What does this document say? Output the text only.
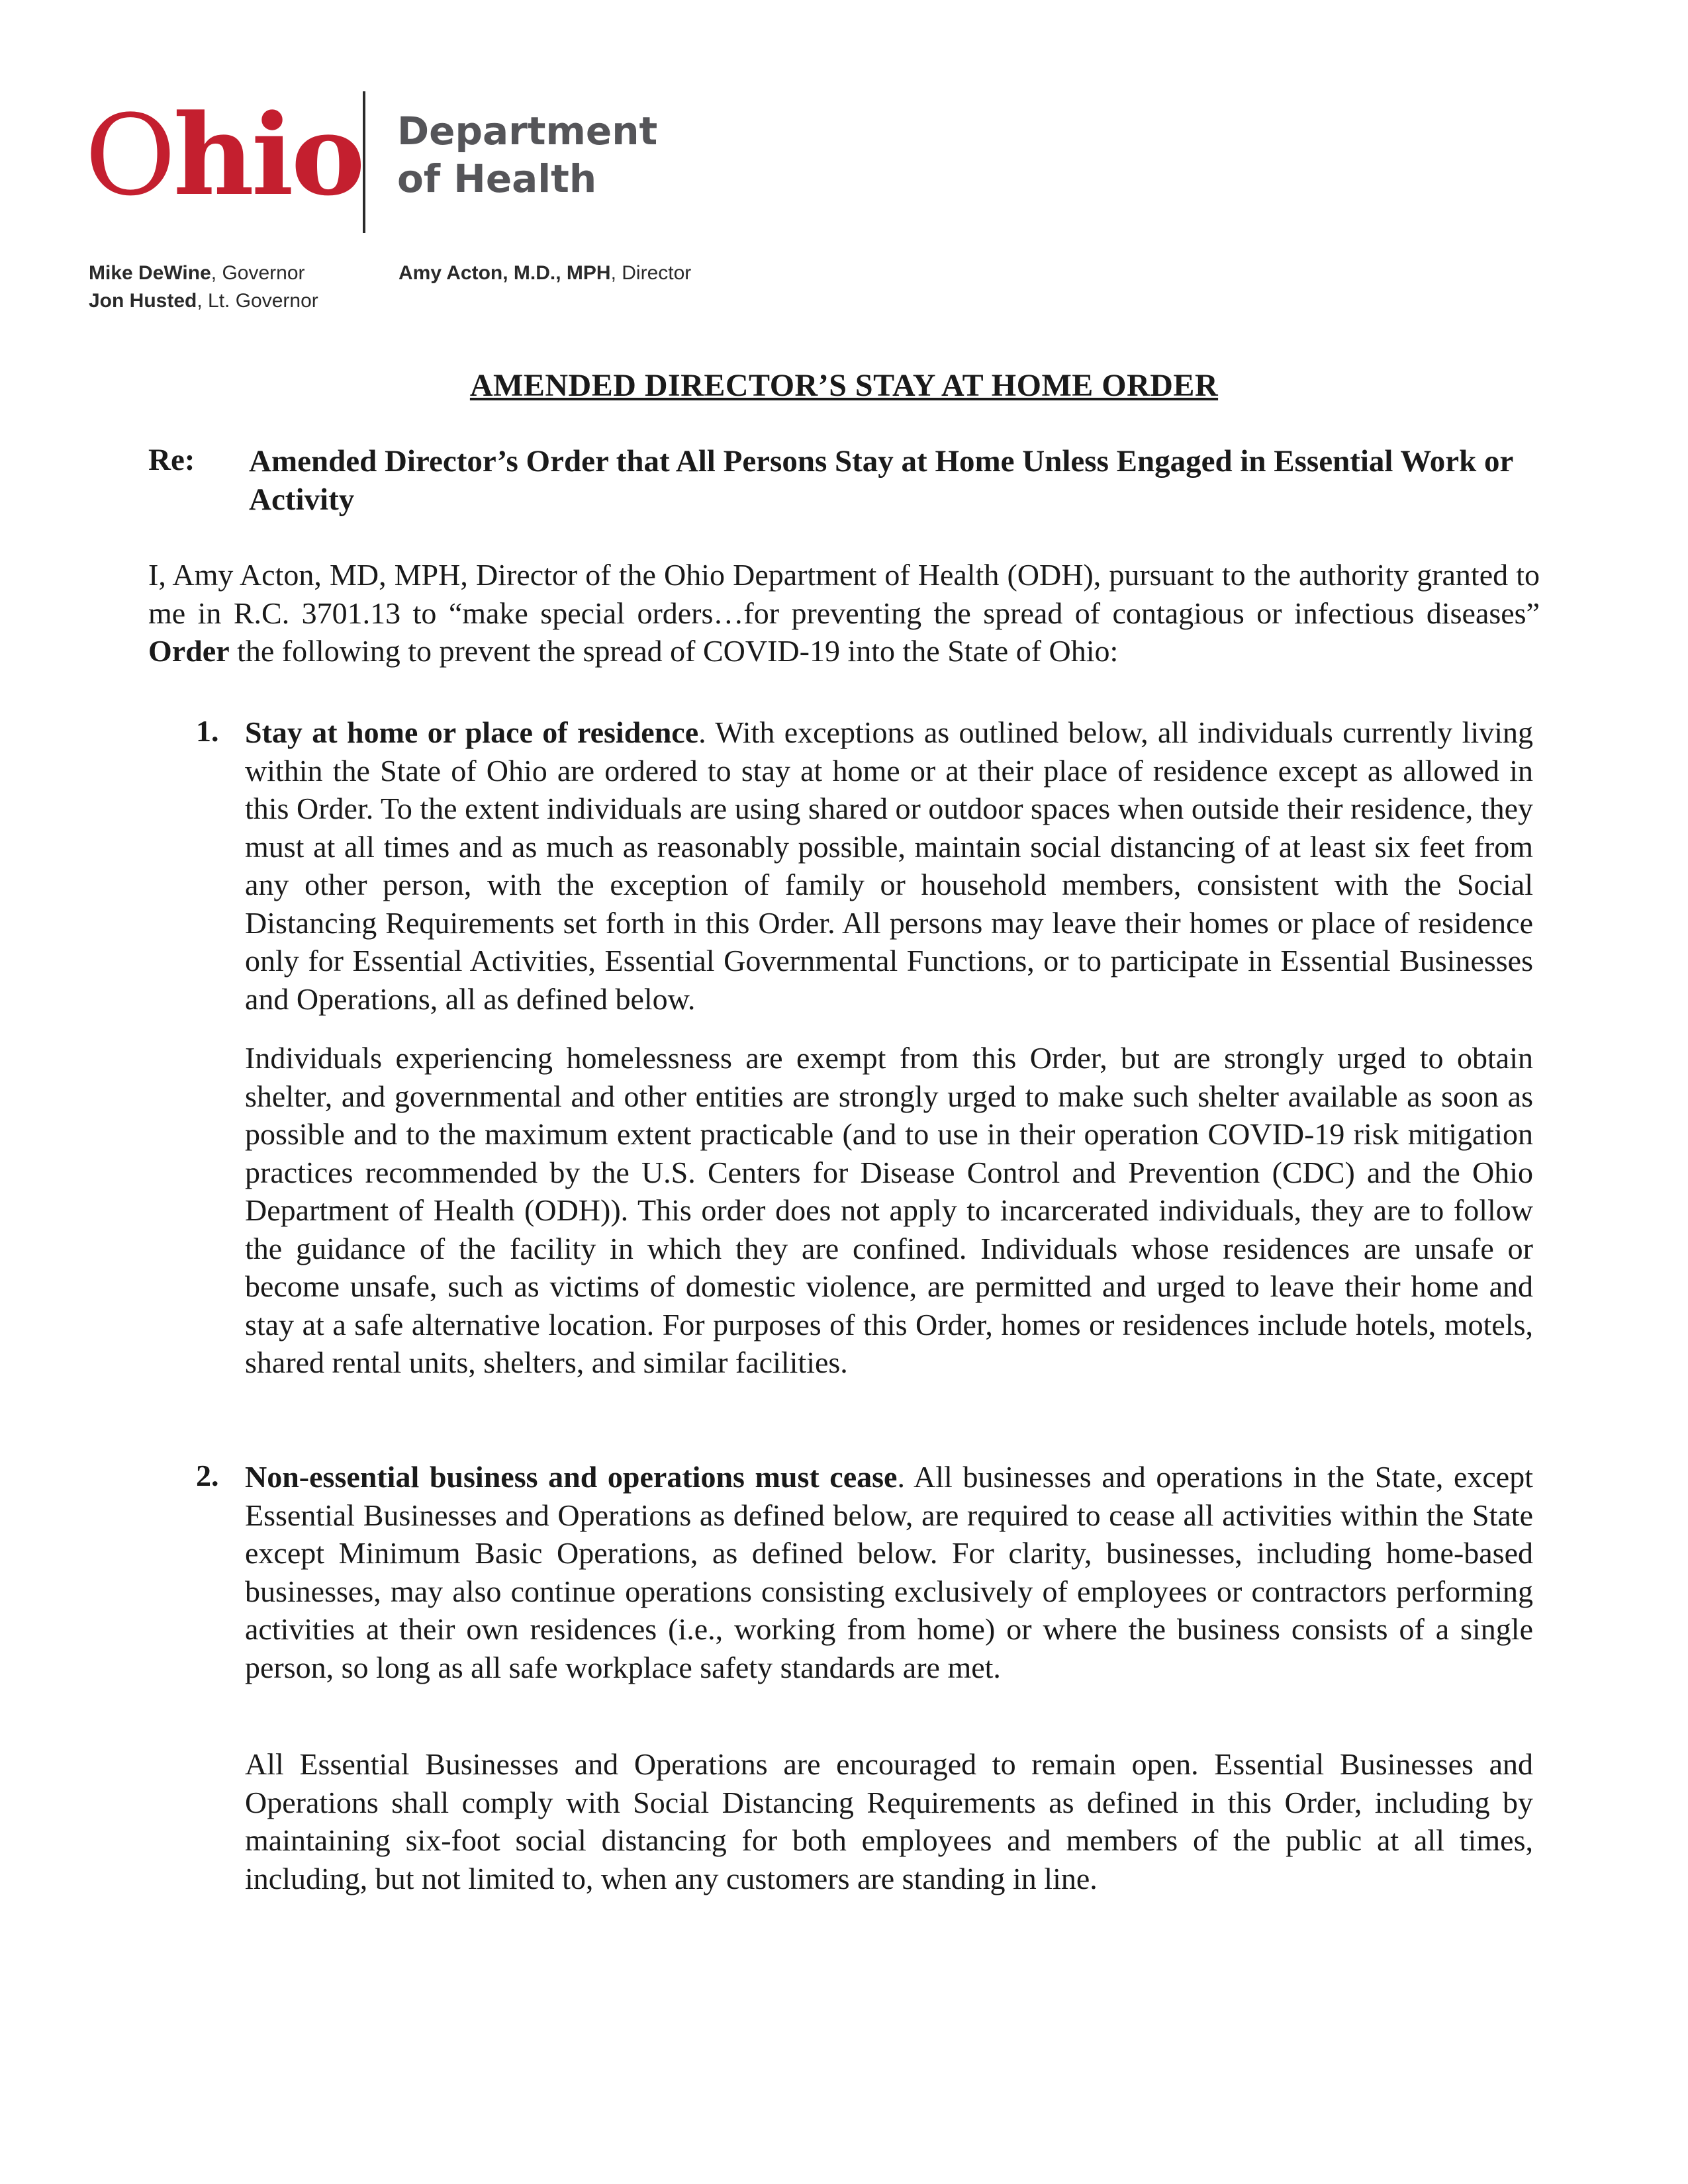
Ohio Department
of Health
Mike DeWine, Governor
Jon Husted, Lt. Governor
Amy Acton, M.D., MPH, Director
AMENDED DIRECTOR’S STAY AT HOME ORDER
Re: Amended Director’s Order that All Persons Stay at Home Unless Engaged in Essential Work or Activity
I, Amy Acton, MD, MPH, Director of the Ohio Department of Health (ODH), pursuant to the authority granted to me in R.C. 3701.13 to “make special orders…for preventing the spread of contagious or infectious diseases” Order the following to prevent the spread of COVID-19 into the State of Ohio:
1. Stay at home or place of residence. With exceptions as outlined below, all individuals currently living within the State of Ohio are ordered to stay at home or at their place of residence except as allowed in this Order. To the extent individuals are using shared or outdoor spaces when outside their residence, they must at all times and as much as reasonably possible, maintain social distancing of at least six feet from any other person, with the exception of family or household members, consistent with the Social Distancing Requirements set forth in this Order. All persons may leave their homes or place of residence only for Essential Activities, Essential Governmental Functions, or to participate in Essential Businesses and Operations, all as defined below.
Individuals experiencing homelessness are exempt from this Order, but are strongly urged to obtain shelter, and governmental and other entities are strongly urged to make such shelter available as soon as possible and to the maximum extent practicable (and to use in their operation COVID-19 risk mitigation practices recommended by the U.S. Centers for Disease Control and Prevention (CDC) and the Ohio Department of Health (ODH)). This order does not apply to incarcerated individuals, they are to follow the guidance of the facility in which they are confined. Individuals whose residences are unsafe or become unsafe, such as victims of domestic violence, are permitted and urged to leave their home and stay at a safe alternative location. For purposes of this Order, homes or residences include hotels, motels, shared rental units, shelters, and similar facilities.
2. Non-essential business and operations must cease. All businesses and operations in the State, except Essential Businesses and Operations as defined below, are required to cease all activities within the State except Minimum Basic Operations, as defined below. For clarity, businesses, including home-based businesses, may also continue operations consisting exclusively of employees or contractors performing activities at their own residences (i.e., working from home) or where the business consists of a single person, so long as all safe workplace safety standards are met.
All Essential Businesses and Operations are encouraged to remain open. Essential Businesses and Operations shall comply with Social Distancing Requirements as defined in this Order, including by maintaining six-foot social distancing for both employees and members of the public at all times, including, but not limited to, when any customers are standing in line.
